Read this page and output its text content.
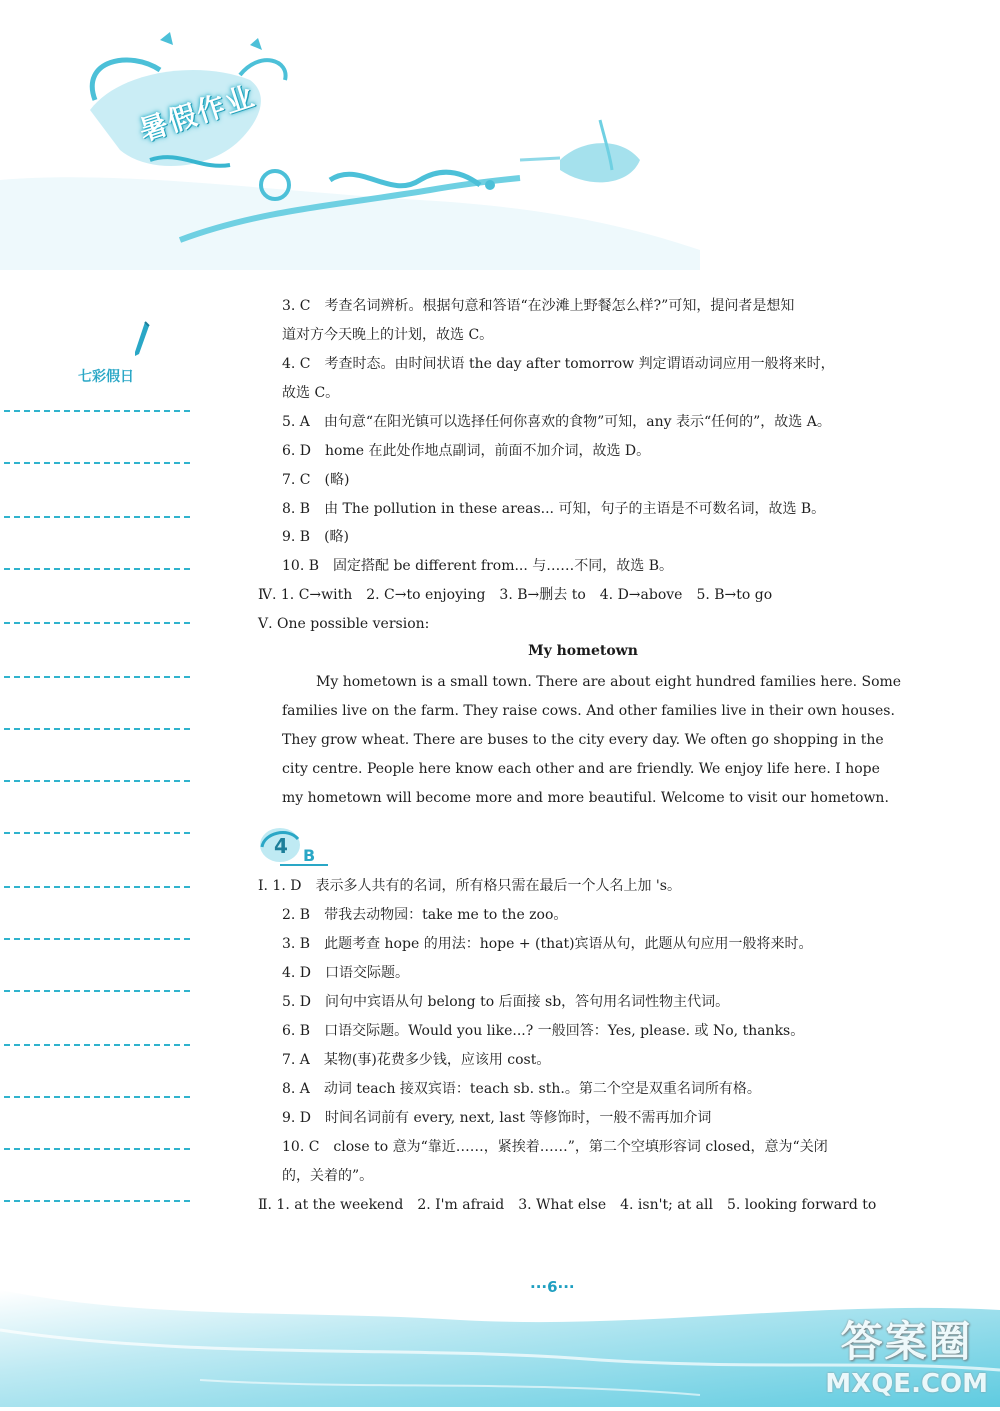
暑假作业
七彩假日
3. C　考查名词辨析。根据句意和答语“在沙滩上野餐怎么样?”可知，提问者是想知
道对方今天晚上的计划，故选 C。
4. C　考查时态。由时间状语 the day after tomorrow 判定谓语动词应用一般将来时，
故选 C。
5. A　由句意“在阳光镇可以选择任何你喜欢的食物”可知，any 表示“任何的”，故选 A。
6. D　home 在此处作地点副词，前面不加介词，故选 D。
7. C　(略)
8. B　由 The pollution in these areas... 可知，句子的主语是不可数名词，故选 B。
9. B　(略)
10. B　固定搭配 be different from... 与……不同，故选 B。
Ⅳ. 1. C→with　2. C→to enjoying　3. B→删去 to　4. D→above　5. B→to go
Ⅴ. One possible version:
My hometown
My hometown is a small town. There are about eight hundred families here. Some
families live on the farm. They raise cows. And other families live in their own houses.
They grow wheat. There are buses to the city every day. We often go shopping in the
city centre. People here know each other and are friendly. We enjoy life here. I hope
my hometown will become more and more beautiful. Welcome to visit our hometown.
4 B
Ⅰ. 1. D　表示多人共有的名词，所有格只需在最后一个人名上加 's。
2. B　带我去动物园：take me to the zoo。
3. B　此题考查 hope 的用法：hope + (that)宾语从句，此题从句应用一般将来时。
4. D　口语交际题。
5. D　问句中宾语从句 belong to 后面接 sb，答句用名词性物主代词。
6. B　口语交际题。Would you like...? 一般回答：Yes, please. 或 No, thanks。
7. A　某物(事)花费多少钱，应该用 cost。
8. A　动词 teach 接双宾语：teach sb. sth.。第二个空是双重名词所有格。
9. D　时间名词前有 every, next, last 等修饰时，一般不需再加介词
10. C　close to 意为“靠近……，紧挨着……”，第二个空填形容词 closed，意为“关闭
的，关着的”。
Ⅱ. 1. at the weekend　2. I'm afraid　3. What else　4. isn't; at all　5. looking forward to
···6···
答案圈
MXQE.COM
